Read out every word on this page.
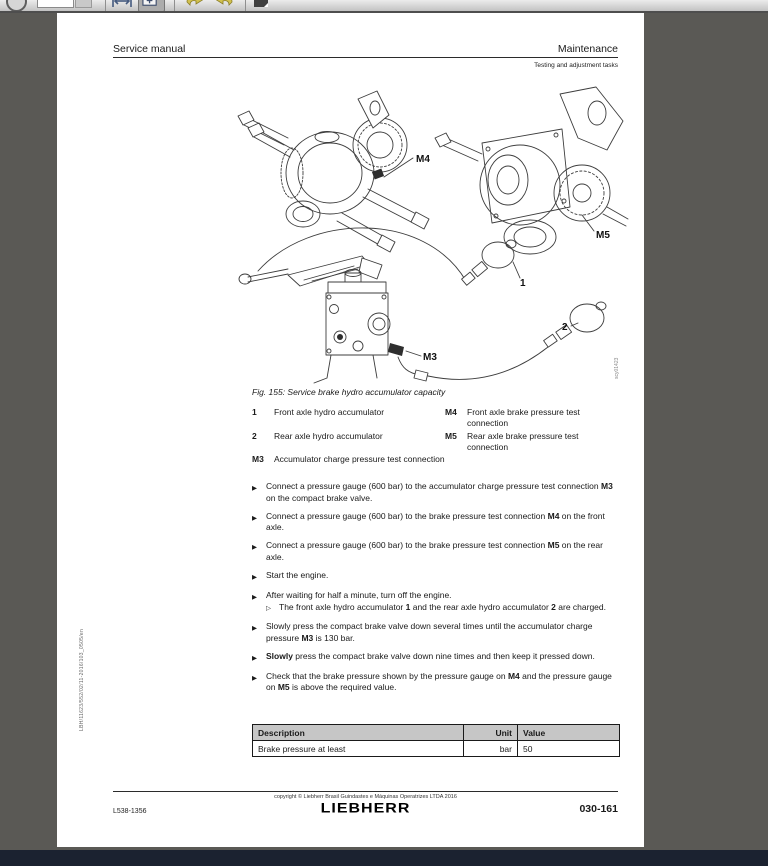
Service manual	Maintenance
Testing and adjustment tasks
M4
M5
M3
2
1
scy01423
Fig. 155: Service brake hydro accumulator capacity
1	Front axle hydro accumulator
2	Rear axle hydro accumulator
M3	Accumulator charge pressure test connection
M4	Front axle brake pressure test connection
M5	Rear axle brake pressure test connection
▶	Connect a pressure gauge (600 bar) to the accumulator charge pressure test connection M3 on the compact brake valve.
▶	Connect a pressure gauge (600 bar) to the brake pressure test connection M4 on the front axle.
▶	Connect a pressure gauge (600 bar) to the brake pressure test connection M5 on the rear axle.
▶	Start the engine.
▶	After waiting for half a minute, turn off the engine.
▷ The front axle hydro accumulator 1 and the rear axle hydro accumulator 2 are charged.
▶	Slowly press the compact brake valve down several times until the accumulator charge pressure M3 is 130 bar.
▶	Slowly press the compact brake valve down nine times and then keep it pressed down.
▶	Check that the brake pressure shown by the pressure gauge on M4 and the pressure gauge on M5 is above the required value.
Description	Unit	Value
Brake pressure at least	bar	50
copyright © Liebherr Brasil Guindastes e Máquinas Operatrizes LTDA 2016
LIEBHERR
L538-1356	030-161
LBH/11623/552/02/11-2016/103_0505/en
